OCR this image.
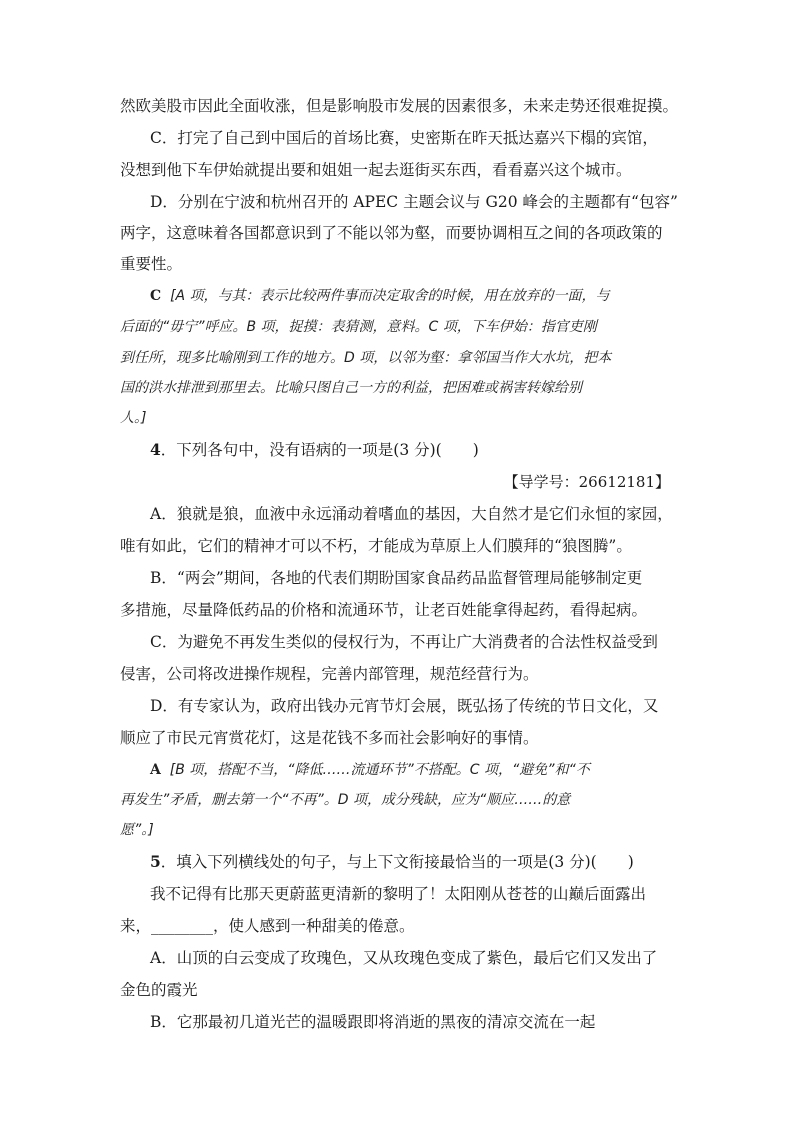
然欧美股市因此全面收涨，但是影响股市发展的因素很多，未来走势还很难捉摸。
C．打完了自己到中国后的首场比赛，史密斯在昨天抵达嘉兴下榻的宾馆，
没想到他下车伊始就提出要和姐姐一起去逛街买东西，看看嘉兴这个城市。
D．分别在宁波和杭州召开的 APEC 主题会议与 G20 峰会的主题都有“包容”
两字，这意味着各国都意识到了不能以邻为壑，而要协调相互之间的各项政策的
重要性。
C [A 项，与其：表示比较两件事而决定取舍的时候，用在放弃的一面，与
后面的“毋宁”呼应。B 项，捉摸：表猜测，意料。C 项，下车伊始：指官吏刚
到任所，现多比喻刚到工作的地方。D 项，以邻为壑：拿邻国当作大水坑，把本
国的洪水排泄到那里去。比喻只图自己一方的利益，把困难或祸害转嫁给别
人。]
4．下列各句中，没有语病的一项是(3 分)(　　)
【导学号：26612181】
A．狼就是狼，血液中永远涌动着嗜血的基因，大自然才是它们永恒的家园，
唯有如此，它们的精神才可以不朽，才能成为草原上人们膜拜的“狼图腾”。
B．“两会”期间，各地的代表们期盼国家食品药品监督管理局能够制定更
多措施，尽量降低药品的价格和流通环节，让老百姓能拿得起药，看得起病。
C．为避免不再发生类似的侵权行为，不再让广大消费者的合法性权益受到
侵害，公司将改进操作规程，完善内部管理，规范经营行为。
D．有专家认为，政府出钱办元宵节灯会展，既弘扬了传统的节日文化，又
顺应了市民元宵赏花灯，这是花钱不多而社会影响好的事情。
A [B 项，搭配不当，“降低……流通环节”不搭配。C 项，“避免”和“不
再发生”矛盾，删去第一个“不再”。D 项，成分残缺，应为“顺应……的意
愿”。]
5．填入下列横线处的句子，与上下文衔接最恰当的一项是(3 分)(　　)
我不记得有比那天更蔚蓝更清新的黎明了！太阳刚从苍苍的山巅后面露出
来，________，使人感到一种甜美的倦意。
A．山顶的白云变成了玫瑰色，又从玫瑰色变成了紫色，最后它们又发出了
金色的霞光
B．它那最初几道光芒的温暖跟即将消逝的黑夜的清凉交流在一起
